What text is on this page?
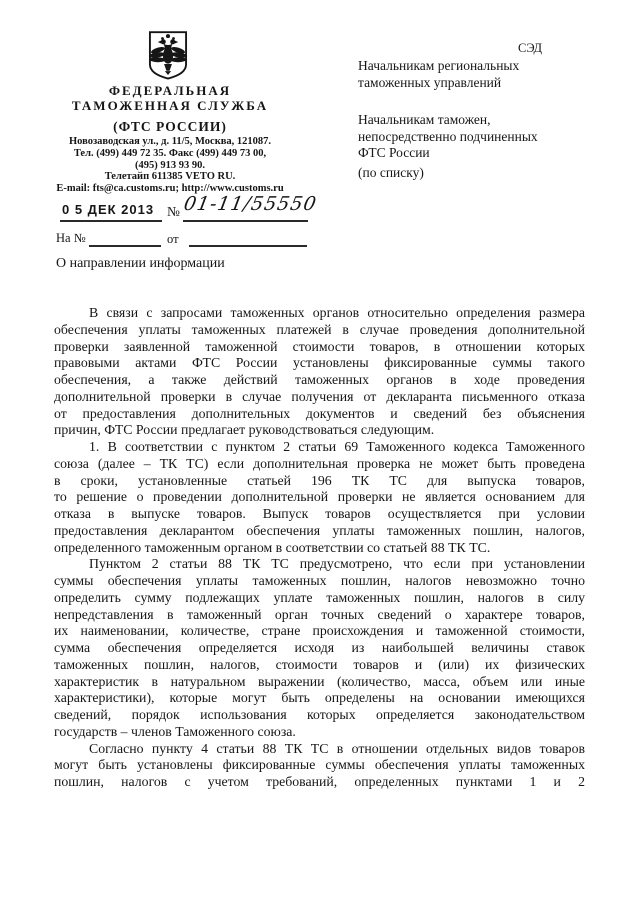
ФЕДЕРАЛЬНАЯ
ТАМОЖЕННАЯ СЛУЖБА
(ФТС РОССИИ)
Новозаводская ул., д. 11/5, Москва, 121087.
Тел. (499) 449 72 35. Факс (499) 449 73 00,
(495) 913 93 90.
Телетайп 611385 VETO RU.
E-mail: fts@ca.customs.ru; http://www.customs.ru
СЭД
Начальникам региональных
таможенных управлений
Начальникам таможен,
непосредственно подчиненных
ФТС России
(по списку)
0 5 ДЕК 2013 № 01-11/55550
На №	от
О направлении информации
В связи с запросами таможенных органов относительно определения размера
обеспечения уплаты таможенных платежей в случае проведения дополнительной
проверки заявленной таможенной стоимости товаров, в отношении которых
правовыми актами ФТС России установлены фиксированные суммы такого
обеспечения, а также действий таможенных органов в ходе проведения
дополнительной проверки в случае получения от декларанта письменного отказа
от предоставления дополнительных документов и сведений без объяснения
причин, ФТС России предлагает руководствоваться следующим.
1. В соответствии с пунктом 2 статьи 69 Таможенного кодекса Таможенного
союза (далее – ТК ТС) если дополнительная проверка не может быть проведена
в сроки, установленные статьей 196 ТК ТС для выпуска товаров,
то решение о проведении дополнительной проверки не является основанием для
отказа в выпуске товаров. Выпуск товаров осуществляется при условии
предоставления декларантом обеспечения уплаты таможенных пошлин, налогов,
определенного таможенным органом в соответствии со статьей 88 ТК ТС.
Пунктом 2 статьи 88 ТК ТС предусмотрено, что если при установлении
суммы обеспечения уплаты таможенных пошлин, налогов невозможно точно
определить сумму подлежащих уплате таможенных пошлин, налогов в силу
непредставления в таможенный орган точных сведений о характере товаров,
их наименовании, количестве, стране происхождения и таможенной стоимости,
сумма обеспечения определяется исходя из наибольшей величины ставок
таможенных пошлин, налогов, стоимости товаров и (или) их физических
характеристик в натуральном выражении (количество, масса, объем или иные
характеристики), которые могут быть определены на основании имеющихся
сведений, порядок использования которых определяется законодательством
государств – членов Таможенного союза.
Согласно пункту 4 статьи 88 ТК ТС в отношении отдельных видов товаров
могут быть установлены фиксированные суммы обеспечения уплаты таможенных
пошлин, налогов с учетом требований, определенных пунктами 1 и 2
